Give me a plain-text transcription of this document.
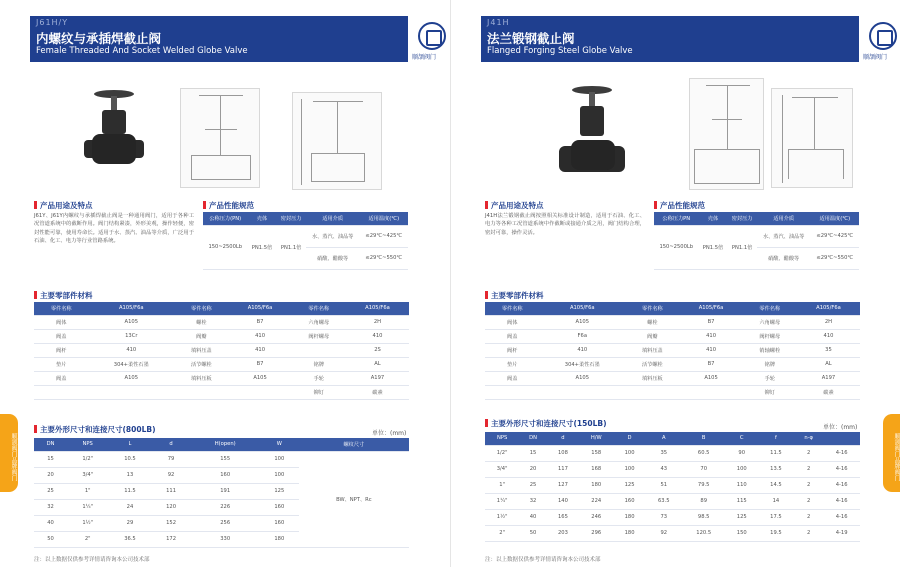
J61H/Y
内螺纹与承插焊截止阀
Female Threaded And Socket Welded Globe Valve
顺颉阀门
产品用途及特点
J61Y、J61Y内螺纹与承插焊截止阀是一种通用阀门，适用于各种工况管道系统中的截断作用。阀门结构紧凑，外形美观，操作轻便，密封性能可靠，使用寿命长。适用于水、蒸汽、油品等介质，广泛用于石油、化工、电力等行业管路系统。
产品性能规范
公称压力(PN)	壳体	密封压力	适用介质	适用温度(℃)
150~2500Lb	PN1.5倍	PN1.1倍	水、蒸汽、油品等	≤29℃~425℃
			硝酸、醋酸等	≤29℃~550℃
主要零部件材料
零件名称	A105/F6a	零件名称	A105/F6a	零件名称	A105/F6a
阀体	A105	螺栓	B7	六角螺母	2H
阀盖	13Cr	阀瓣	410	阀杆螺母	410
阀杆	410	填料压盖	410		2S
垫片	304+柔性石墨	活节螺栓	B7	铭牌	AL
阀盖	A105	填料压板	A105	手轮	A197
				铆钉	碳素
主要外形尺寸和连接尺寸(800LB)	单位：(mm)
DN	NPS	L	d	H(open)	W	螺纹尺寸
15	1/2"	10.5	79	155	100	BW、NPT、Rc
20	3/4"	13	92	160	100	
25	1"	11.5	111	191	125	
32	1¼"	24	120	226	160	
40	1½"	29	152	256	160	
50	2"	36.5	172	330	180	
注：以上数据仅供参考详情请咨询本公司技术部
顺颉阀门品牌阀门
J41H
法兰锻钢截止阀
Flanged Forging Steel Globe Valve
顺颉阀门
产品用途及特点
J41H法兰锻钢截止阀按照相关标准设计制造，适用于石油、化工、电力等各种工况管道系统中作截断或接通介质之用，阀门结构合理，密封可靠，操作灵活。
产品性能规范
公称压力PN	壳体	密封压力	适用介质	适用温度(℃)
150~2500Lb	PN1.5倍	PN1.1倍	水、蒸汽、油品等	≤29℃~425℃
			硝酸、醋酸等	≤29℃~550℃
主要零部件材料
零件名称	A105/F6a	零件名称	A105/F6a	零件名称	A105/F6a
阀体	A105	螺栓	B7	六角螺母	2H
阀盖	F6a	阀瓣	410	阀杆螺母	410
阀杆	410	填料压盖	410	销轴螺栓	35
垫片	304+柔性石墨	活节螺栓	B7	铭牌	AL
阀盖	A105	填料压板	A105	手轮	A197
				铆钉	碳素
主要外形尺寸和连接尺寸(150LB)	单位：(mm)
NPS	DN	d	H/W	D	A	B	C	f	n-φ	
1/2"	15	108	158	100	35	60.5	90	11.5	2	4-16
3/4"	20	117	168	100	43	70	100	13.5	2	4-16
1"	25	127	180	125	51	79.5	110	14.5	2	4-16
1¼"	32	140	224	160	63.5	89	115	14	2	4-16
1½"	40	165	246	180	73	98.5	125	17.5	2	4-16
2"	50	203	296	180	92	120.5	150	19.5	2	4-19
注：以上数据仅供参考详情请咨询本公司技术部
顺颉阀门品牌阀门
